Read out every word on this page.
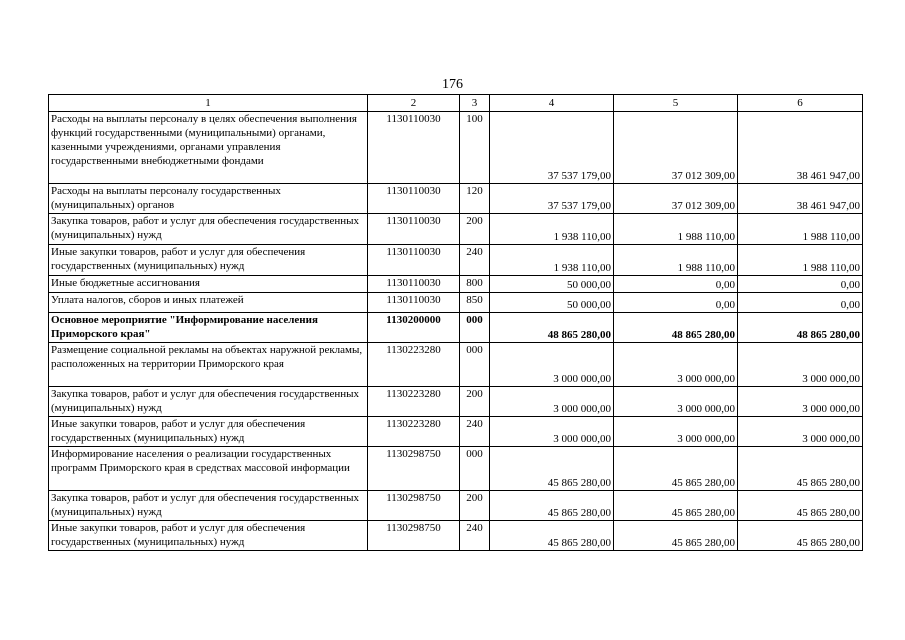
176
1	2	3	4	5	6
Расходы на выплаты персоналу в целях обеспечения выполнения функций государственными (муниципальными) органами, казенными учреждениями, органами управления государственными внебюджетными фондами	1130110030	100	37 537 179,00	37 012 309,00	38 461 947,00
Расходы на выплаты персоналу государственных (муниципальных) органов	1130110030	120	37 537 179,00	37 012 309,00	38 461 947,00
Закупка товаров, работ и услуг для обеспечения государственных (муниципальных) нужд	1130110030	200	1 938 110,00	1 988 110,00	1 988 110,00
Иные закупки товаров, работ и услуг для обеспечения государственных (муниципальных) нужд	1130110030	240	1 938 110,00	1 988 110,00	1 988 110,00
Иные бюджетные ассигнования	1130110030	800	50 000,00	0,00	0,00
Уплата налогов, сборов и иных платежей	1130110030	850	50 000,00	0,00	0,00
Основное мероприятие "Информирование населения Приморского края"	1130200000	000	48 865 280,00	48 865 280,00	48 865 280,00
Размещение социальной рекламы на объектах наружной рекламы, расположенных на территории Приморского края	1130223280	000	3 000 000,00	3 000 000,00	3 000 000,00
Закупка товаров, работ и услуг для обеспечения государственных (муниципальных) нужд	1130223280	200	3 000 000,00	3 000 000,00	3 000 000,00
Иные закупки товаров, работ и услуг для обеспечения государственных (муниципальных) нужд	1130223280	240	3 000 000,00	3 000 000,00	3 000 000,00
Информирование населения о реализации государственных программ Приморского края в средствах массовой информации	1130298750	000	45 865 280,00	45 865 280,00	45 865 280,00
Закупка товаров, работ и услуг для обеспечения государственных (муниципальных) нужд	1130298750	200	45 865 280,00	45 865 280,00	45 865 280,00
Иные закупки товаров, работ и услуг для обеспечения государственных (муниципальных) нужд	1130298750	240	45 865 280,00	45 865 280,00	45 865 280,00
